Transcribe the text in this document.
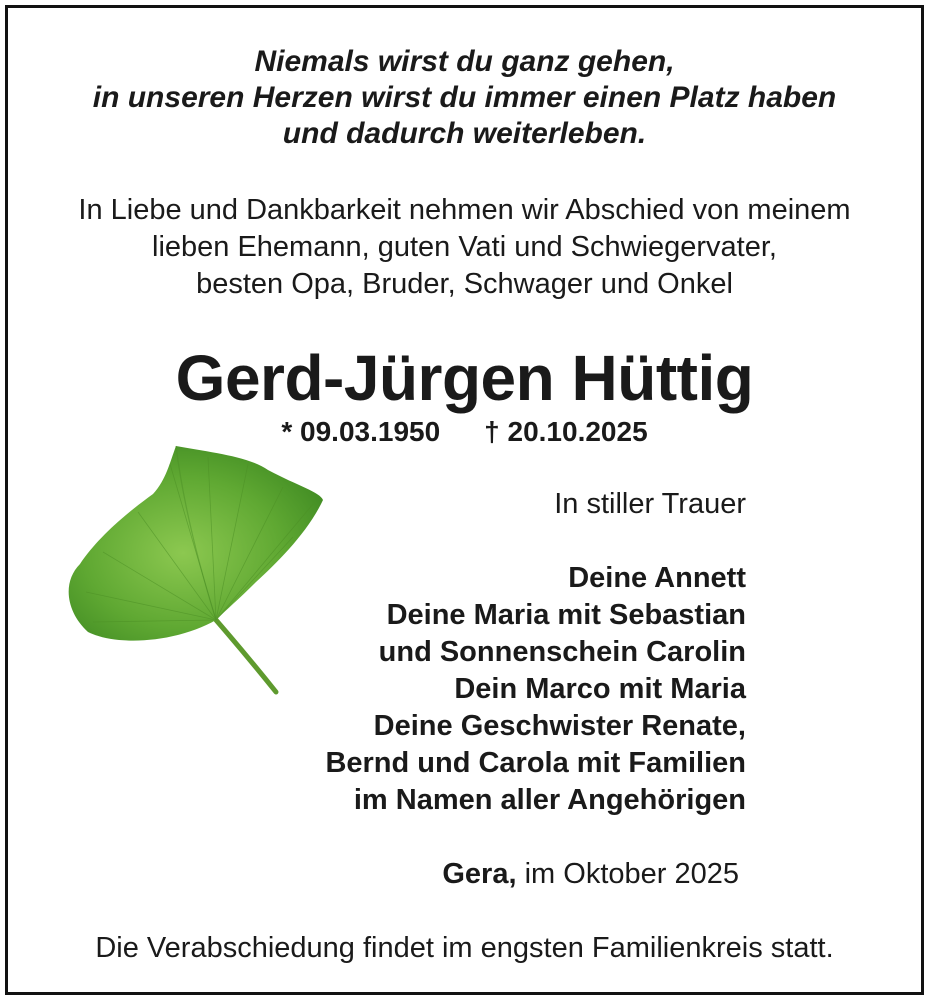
Niemals wirst du ganz gehen,
in unseren Herzen wirst du immer einen Platz haben
und dadurch weiterleben.
In Liebe und Dankbarkeit nehmen wir Abschied von meinem
lieben Ehemann, guten Vati und Schwiegervater,
besten Opa, Bruder, Schwager und Onkel
Gerd-Jürgen Hüttig
* 09.03.1950 † 20.10.2025
In stiller Trauer
Deine Annett
Deine Maria mit Sebastian
und Sonnenschein Carolin
Dein Marco mit Maria
Deine Geschwister Renate,
Bernd und Carola mit Familien
im Namen aller Angehörigen
Gera, im Oktober 2025
Die Verabschiedung findet im engsten Familienkreis statt.
